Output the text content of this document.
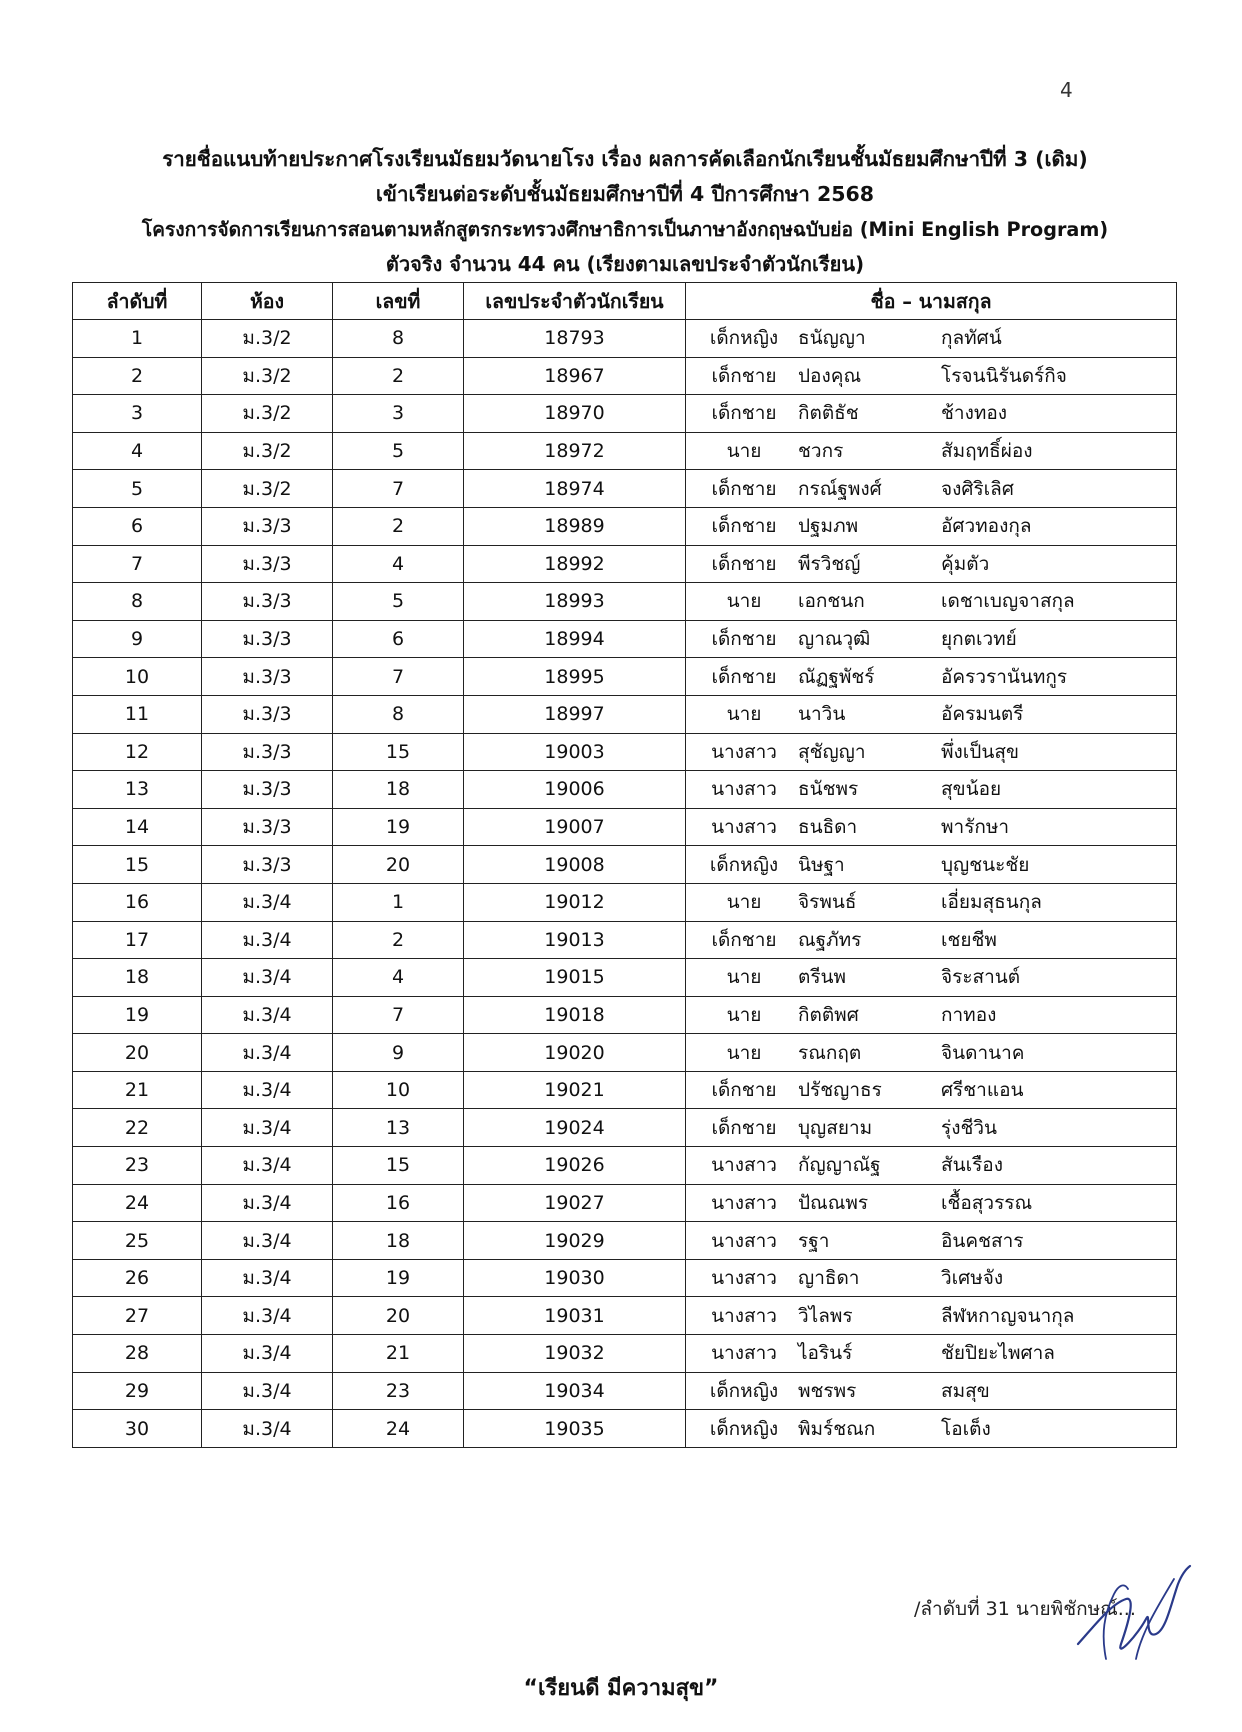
4
รายชื่อแนบท้ายประกาศโรงเรียนมัธยมวัดนายโรง เรื่อง ผลการคัดเลือกนักเรียนชั้นมัธยมศึกษาปีที่ 3 (เดิม)
เข้าเรียนต่อระดับชั้นมัธยมศึกษาปีที่ 4 ปีการศึกษา 2568
โครงการจัดการเรียนการสอนตามหลักสูตรกระทรวงศึกษาธิการเป็นภาษาอังกฤษฉบับย่อ (Mini English Program)
ตัวจริง จำนวน 44 คน (เรียงตามเลขประจำตัวนักเรียน)
ลำดับที่	ห้อง	เลขที่	เลขประจำตัวนักเรียน	ชื่อ – นามสกุล
1	ม.3/2	8	18793	เด็กหญิง ธนัญญา กุลทัศน์

2	ม.3/2	2	18967	เด็กชาย ปองคุณ โรจนนิรันดร์กิจ

3	ม.3/2	3	18970	เด็กชาย กิตติธัช ช้างทอง

4	ม.3/2	5	18972	นาย ชวกร สัมฤทธิ์ผ่อง

5	ม.3/2	7	18974	เด็กชาย กรณ์ฐพงศ์ จงศิริเลิศ

6	ม.3/3	2	18989	เด็กชาย ปฐมภพ อัศวทองกุล

7	ม.3/3	4	18992	เด็กชาย พีรวิชญ์ คุ้มตัว

8	ม.3/3	5	18993	นาย เอกชนก เดชาเบญจาสกุล

9	ม.3/3	6	18994	เด็กชาย ญาณวุฒิ ยุกตเวทย์

10	ม.3/3	7	18995	เด็กชาย ณัฏฐพัชร์ อัครวรานันทกูร

11	ม.3/3	8	18997	นาย นาวิน อัครมนตรี

12	ม.3/3	15	19003	นางสาว สุชัญญา พึ่งเป็นสุข

13	ม.3/3	18	19006	นางสาว ธนัชพร สุขน้อย

14	ม.3/3	19	19007	นางสาว ธนธิดา พารักษา

15	ม.3/3	20	19008	เด็กหญิง นิษฐา บุญชนะชัย

16	ม.3/4	1	19012	นาย จิรพนธ์ เอี่ยมสุธนกุล

17	ม.3/4	2	19013	เด็กชาย ณฐภัทร เชยชีพ

18	ม.3/4	4	19015	นาย ตรีนพ จิระสานต์

19	ม.3/4	7	19018	นาย กิตติพศ กาทอง

20	ม.3/4	9	19020	นาย รณกฤต จินดานาค

21	ม.3/4	10	19021	เด็กชาย ปรัชญาธร ศรีชาแอน

22	ม.3/4	13	19024	เด็กชาย บุญสยาม รุ่งชีวิน

23	ม.3/4	15	19026	นางสาว กัญญาณัฐ สันเรือง

24	ม.3/4	16	19027	นางสาว ปัณณพร เชื้อสุวรรณ

25	ม.3/4	18	19029	นางสาว รฐา อินคชสาร

26	ม.3/4	19	19030	นางสาว ญาธิดา วิเศษจัง

27	ม.3/4	20	19031	นางสาว วิไลพร ลีฬหกาญจนากุล

28	ม.3/4	21	19032	นางสาว ไอรินร์ ชัยปิยะไพศาล

29	ม.3/4	23	19034	เด็กหญิง พชรพร สมสุข

30	ม.3/4	24	19035	เด็กหญิง พิมร์ชณก โอเต็ง
/ลำดับที่ 31 นายพิชักษณ์...
“เรียนดี มีความสุข”
